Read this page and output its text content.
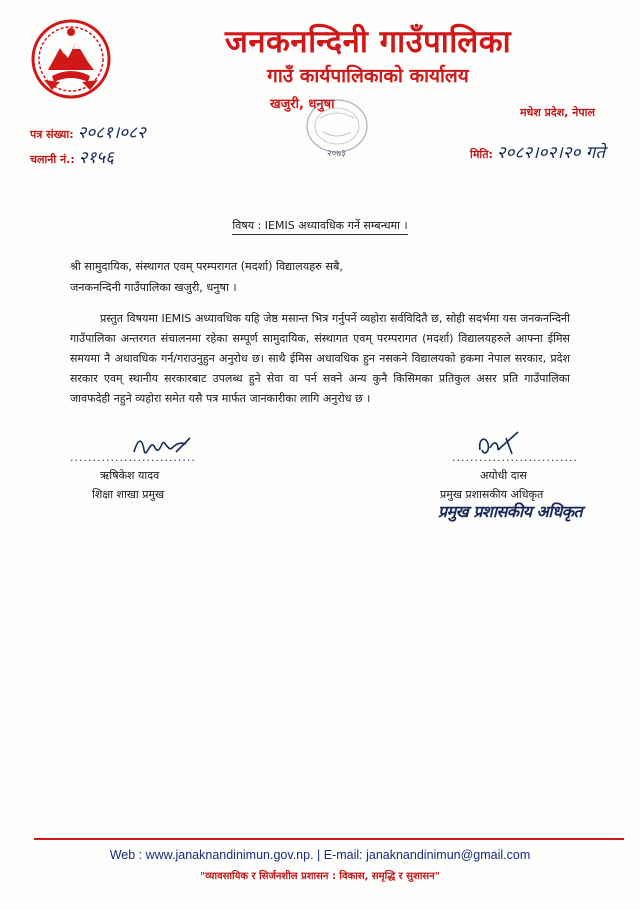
जनकनन्दिनी गाउँपालिका
गाउँ कार्यपालिकाको कार्यालय
खजुरी, धनुषा
मधेश प्रदेश, नेपाल
२०७३
पत्र संख्या: २०८१।०८२
चलानी नं.: २१५६	मिति: २०८२।०२।२० गते
विषय : IEMIS अध्यावधिक गर्ने सम्बन्धमा ।
श्री सामुदायिक, संस्थागत एवम् परम्परागत (मदर्शा) विद्यालयहरु सबै,
जनकनन्दिनी गाउँपालिका खजुरी, धनुषा ।
प्रस्तुत विषयमा IEMIS अध्यावधिक यहि जेष्ठ मसान्त भित्र गर्नुपर्ने व्यहोरा सर्वविदितै छ, सोही सदर्भमा यस जनकनन्दिनी गाउँपालिका अन्तरगत संचालनमा रहेका सम्पूर्ण सामुदायिक, संस्थागत एवम् परम्परागत (मदर्शा) विद्यालयहरुले आफ्ना ईमिस समयमा नै अधावधिक गर्न/गराउनुहुन अनुरोध छ। साथै ईमिस अधावधिक हुन नसकने विद्यालयको हकमा नेपाल सरकार, प्रदेश सरकार एवम् स्थानीय सरकारबाट उपलब्ध हुने सेवा वा पर्न सक्ने अन्य कुनै किसिमका प्रतिकुल असर प्रति गाउँपालिका जावफदेही नहुने व्यहोरा समेत यसै पत्र मार्फत जानकारीका लागि अनुरोध छ ।
............................
ऋषिकेश यादव
शिक्षा शाखा प्रमुख
............................
अयोधी दास
प्रमुख प्रशासकीय अधिकृत
प्रमुख प्रशासकीय अधिकृत
Web : www.janaknandinimun.gov.np. | E-mail: janaknandinimun@gmail.com
"व्यावसायिक र सिर्जनशील प्रशासन : विकास, समृद्धि र सुशासन"
